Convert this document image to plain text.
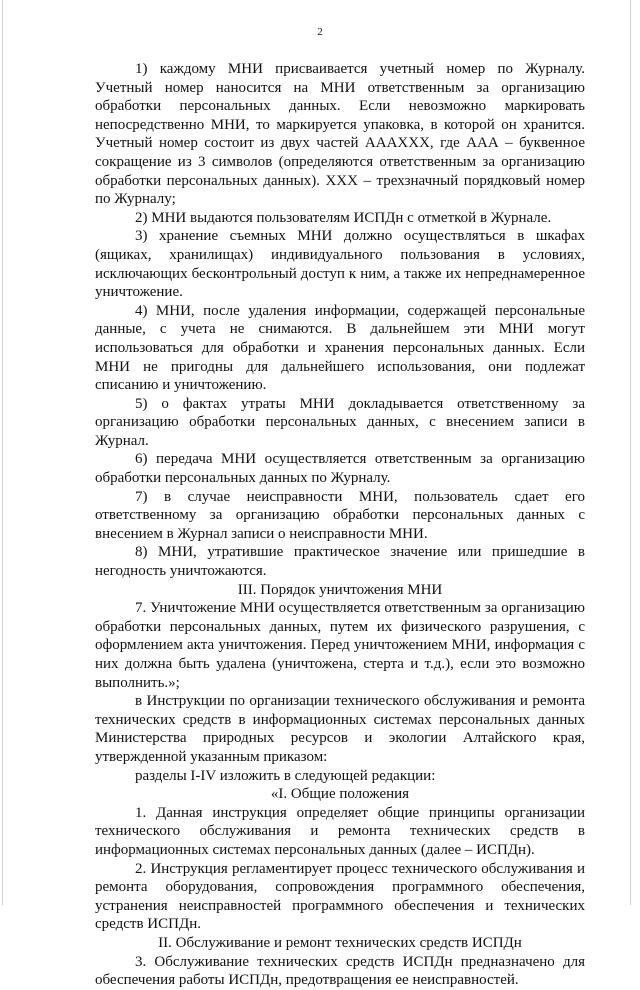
2

1) каждому МНИ присваивается учетный номер по Журналу. Учетный номер наносится на МНИ ответственным за организацию обработки персональных данных. Если невозможно маркировать непосредственно МНИ, то маркируется упаковка, в которой он хранится. Учетный номер состоит из двух частей АААXXX, где ААА – буквенное сокращение из 3 символов (определяются ответственным за организацию обработки персональных данных). XXX – трехзначный порядковый номер по Журналу;

2) МНИ выдаются пользователям ИСПДн с отметкой в Журнале.

3) хранение съемных МНИ должно осуществляться в шкафах (ящиках, хранилищах) индивидуального пользования в условиях, исключающих бесконтрольный доступ к ним, а также их непреднамеренное уничтожение.

4) МНИ, после удаления информации, содержащей персональные данные, с учета не снимаются. В дальнейшем эти МНИ могут использоваться для обработки и хранения персональных данных. Если МНИ не пригодны для дальнейшего использования, они подлежат списанию и уничтожению.

5) о фактах утраты МНИ докладывается ответственному за организацию обработки персональных данных, с внесением записи в Журнал.

6) передача МНИ осуществляется ответственным за организацию обработки персональных данных по Журналу.

7) в случае неисправности МНИ, пользователь сдает его ответственному за организацию обработки персональных данных с внесением в Журнал записи о неисправности МНИ.

8) МНИ, утратившие практическое значение или пришедшие в негодность уничтожаются.

III. Порядок уничтожения МНИ

7. Уничтожение МНИ осуществляется ответственным за организацию обработки персональных данных, путем их физического разрушения, с оформлением акта уничтожения. Перед уничтожением МНИ, информация с них должна быть удалена (уничтожена, стерта и т.д.), если это возможно выполнить.»;

в Инструкции по организации технического обслуживания и ремонта технических средств в информационных системах персональных данных Министерства природных ресурсов и экологии Алтайского края, утвержденной указанным приказом:

разделы I-IV изложить в следующей редакции:

«I. Общие положения

1. Данная инструкция определяет общие принципы организации технического обслуживания и ремонта технических средств в информационных системах персональных данных (далее – ИСПДн).

2. Инструкция регламентирует процесс технического обслуживания и ремонта оборудования, сопровождения программного обеспечения, устранения неисправностей программного обеспечения и технических средств ИСПДн.

II. Обслуживание и ремонт технических средств ИСПДн

3. Обслуживание технических средств ИСПДн предназначено для обеспечения работы ИСПДн, предотвращения ее неисправностей.
